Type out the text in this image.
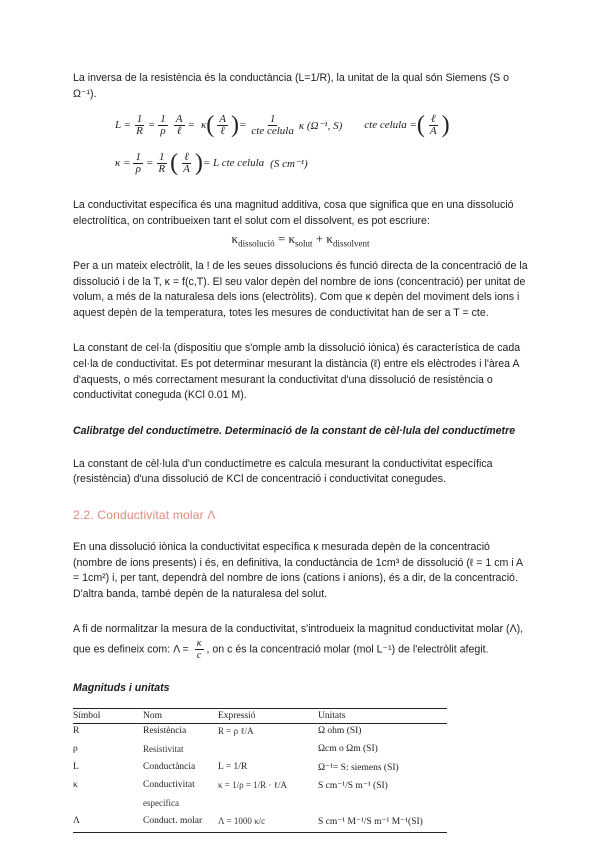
La inversa de la resistència és la conductància (L=1/R), la unitat de la qual són Siemens (S o Ω⁻¹).

$L = \frac{1}{R} = \frac{1}{\rho} \frac{A}{\text{ℓ}} = \kappa$ ( $\frac{A}{\text{ℓ}}$ ) = $\frac{1}{\text{cte celula}}$ κ (Ω⁻¹, S) cte celula = ( $\frac{\text{ℓ}}{A}$ )
$\kappa = \frac{1}{\rho} = \frac{1}{R}$ ( $\frac{\text{ℓ}}{A}$ ) = L cte celula (S cm⁻¹)

La conductivitat específica és una magnitud additiva, cosa que significa que en una dissolució electrolítica, on contribueixen tant el solut com el dissolvent, es pot escriure:

$\kappa_{dissolució} = \kappa_{solut} + \kappa_{dissolvent}$

Per a un mateix electròlit, la ! de les seues dissolucions és funció directa de la concentració de la dissolució i de la T, κ = f(c,T). El seu valor depèn del nombre de ions (concentració) per unitat de volum, a més de la naturalesa dels ions (electròlits). Com que κ depèn del moviment dels ions i aquest depèn de la temperatura, totes les mesures de conductivitat han de ser a T = cte.

La constant de cel·la (dispositiu que s'omple amb la dissolució iònica) és característica de cada cel·la de conductivitat. Es pot determinar mesurant la distància (ℓ) entre els elèctrodes i l'àrea A d'aquests, o més correctament mesurant la conductivitat d'una dissolució de resistència o conductivitat coneguda (KCl 0.01 M).

Calibratge del conductímetre. Determinació de la constant de cèl·lula del conductímetre

La constant de cèl·lula d'un conductímetre es calcula mesurant la conductivitat específica (resistència) d'una dissolució de KCl de concentració i conductivitat conegudes.

2.2. Conductivitat molar Λ

En una dissolució iònica la conductivitat específica κ mesurada depèn de la concentració (nombre de ions presents) i és, en definitiva, la conductància de 1cm³ de dissolució (ℓ = 1 cm i A = 1cm²) i, per tant, dependrà del nombre de ions (cations i anions), és a dir, de la concentració. D'altra banda, també depèn de la naturalesa del solut.

A fi de normalitzar la mesura de la conductivitat, s'introdueix la magnitud conductivitat molar (Λ), que es defineix com: $\Lambda = \frac{\kappa}{c}$ , on c és la concentració molar (mol L⁻¹) de l'electròlit afegit.

Magnituds i unitats
Símbol	Nom	Expressió	Unitats
R	Resistència	R = ρ ℓ/A	Ω ohm (SI)
ρ	Resistivitat		Ωcm o Ωm (SI)
L	Conductància	L = 1/R	Ω⁻¹= S: siemens (SI)
κ	Conductivitat	κ = 1/ρ = 1/R · ℓ/A	S cm⁻¹/S m⁻¹ (SI)
	específica		
Λ	Conduct. molar	Λ = 1000 κ/c	S cm⁻¹ M⁻¹/S m⁻¹ M⁻¹(SI)
